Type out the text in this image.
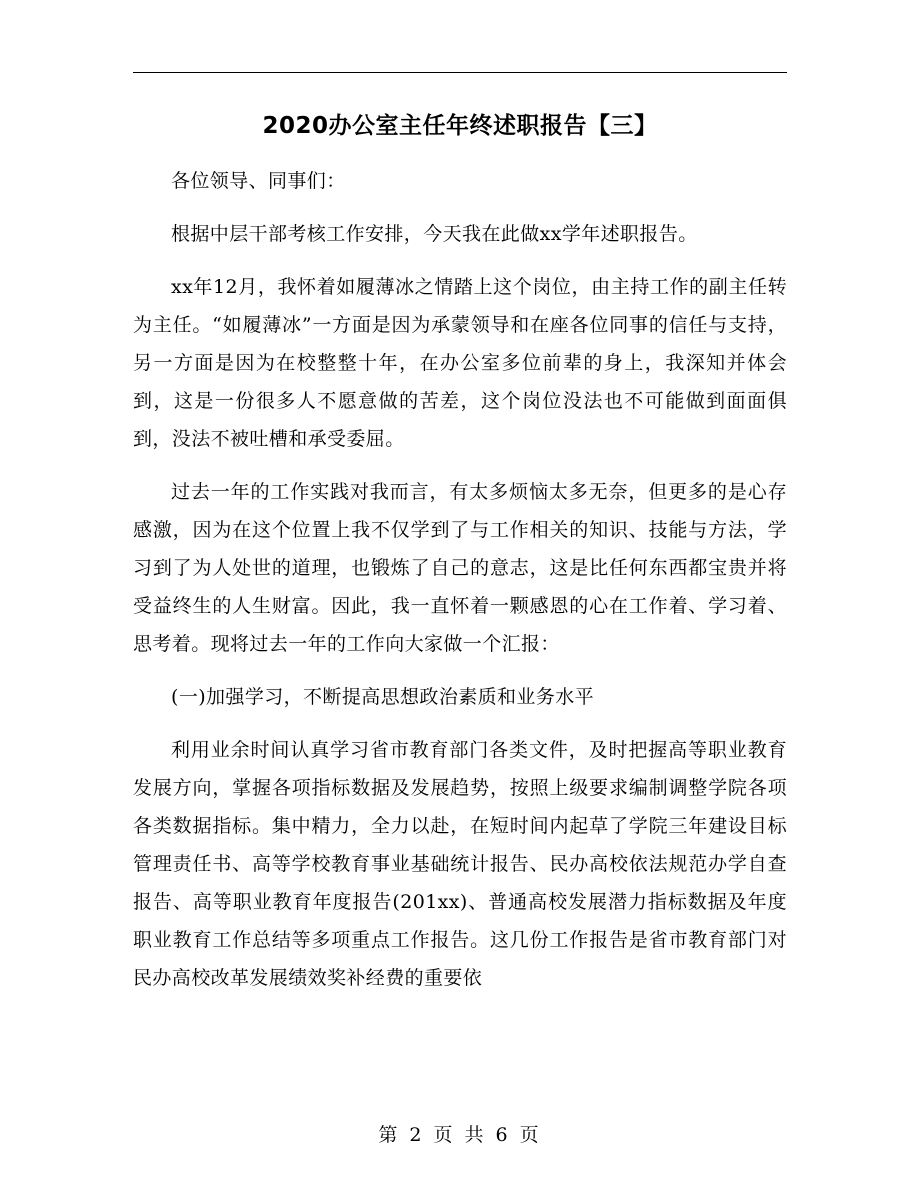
2020办公室主任年终述职报告【三】

各位领导、同事们：

根据中层干部考核工作安排，今天我在此做xx学年述职报告。

xx年12月，我怀着如履薄冰之情踏上这个岗位，由主持工作的副主任转为主任。“如履薄冰”一方面是因为承蒙领导和在座各位同事的信任与支持，另一方面是因为在校整整十年，在办公室多位前辈的身上，我深知并体会到，这是一份很多人不愿意做的苦差，这个岗位没法也不可能做到面面俱到，没法不被吐槽和承受委屈。

过去一年的工作实践对我而言，有太多烦恼太多无奈，但更多的是心存感激，因为在这个位置上我不仅学到了与工作相关的知识、技能与方法，学习到了为人处世的道理，也锻炼了自己的意志，这是比任何东西都宝贵并将受益终生的人生财富。因此，我一直怀着一颗感恩的心在工作着、学习着、思考着。现将过去一年的工作向大家做一个汇报：

(一)加强学习，不断提高思想政治素质和业务水平

利用业余时间认真学习省市教育部门各类文件，及时把握高等职业教育发展方向，掌握各项指标数据及发展趋势，按照上级要求编制调整学院各项各类数据指标。集中精力，全力以赴，在短时间内起草了学院三年建设目标管理责任书、高等学校教育事业基础统计报告、民办高校依法规范办学自查报告、高等职业教育年度报告(201xx)、普通高校发展潜力指标数据及年度职业教育工作总结等多项重点工作报告。这几份工作报告是省市教育部门对民办高校改革发展绩效奖补经费的重要依

第 2 页 共 6 页
